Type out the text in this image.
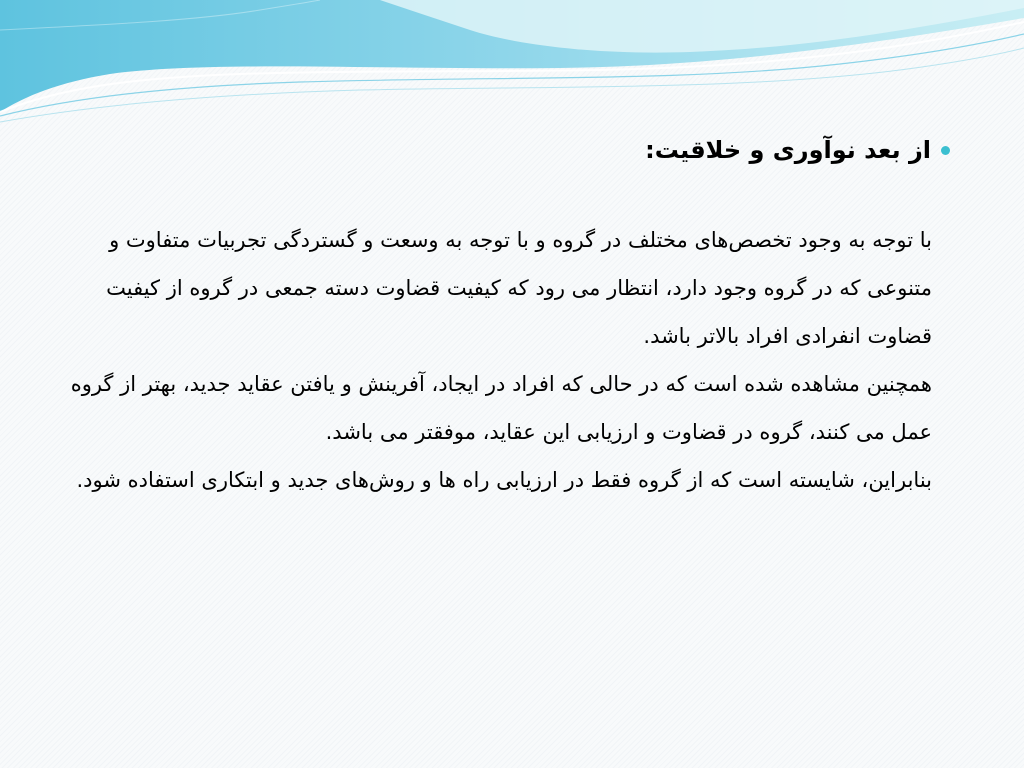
از بعد نوآوری و خلاقیت:

با توجه به وجود تخصص‌های مختلف در گروه و با توجه به وسعت و گستردگی تجربیات متفاوت و متنوعی که در گروه وجود دارد، انتظار می رود که کیفیت قضاوت دسته جمعی در گروه از کیفیت قضاوت انفرادی افراد بالاتر باشد.

همچنین مشاهده شده است که در حالی که افراد در ایجاد، آفرینش و یافتن عقاید جدید، بهتر از گروه عمل می کنند، گروه در قضاوت و ارزیابی این عقاید، موفقتر می باشد.

بنابراین، شایسته است که از گروه فقط در ارزیابی راه ها و روش‌های جدید و ابتکاری استفاده شود.
